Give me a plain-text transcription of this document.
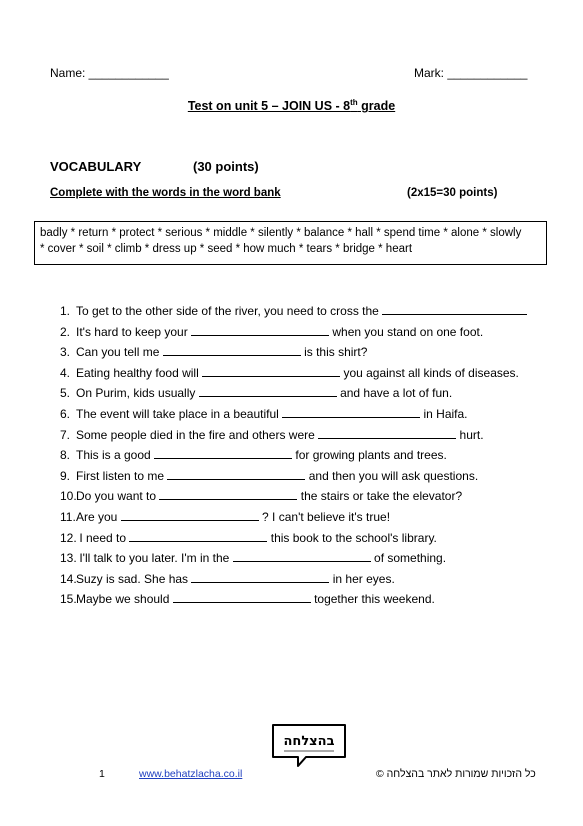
Name: ____________	Mark: ____________
Test on unit 5 – JOIN US - 8th grade
VOCABULARY	(30 points)
Complete with the words in the word bank	(2x15=30 points)
badly * return * protect * serious * middle * silently * balance * hall * spend time * alone * slowly
* cover * soil * climb * dress up * seed * how much * tears * bridge * heart
1. To get to the other side of the river, you need to cross the
2. It's hard to keep your	when you stand on one foot.
3. Can you tell me	is this shirt?
4. Eating healthy food will	you against all kinds of diseases.
5. On Purim, kids usually	and have a lot of fun.
6. The event will take place in a beautiful	in Haifa.
7. Some people died in the fire and others were	hurt.
8. This is a good	for growing plants and trees.
9. First listen to me	and then you will ask questions.
10.Do you want to	the stairs or take the elevator?
11.Are you	? I can't believe it's true!
12. I need to	this book to the school's library.
13. I'll talk to you later. I'm in the	of something.
14.Suzy is sad. She has	in her eyes.
15.Maybe we should	together this weekend.
בהצלחה
1	www.behatzlacha.co.il	כל הזכויות שמורות לאתר בהצלחה ©
